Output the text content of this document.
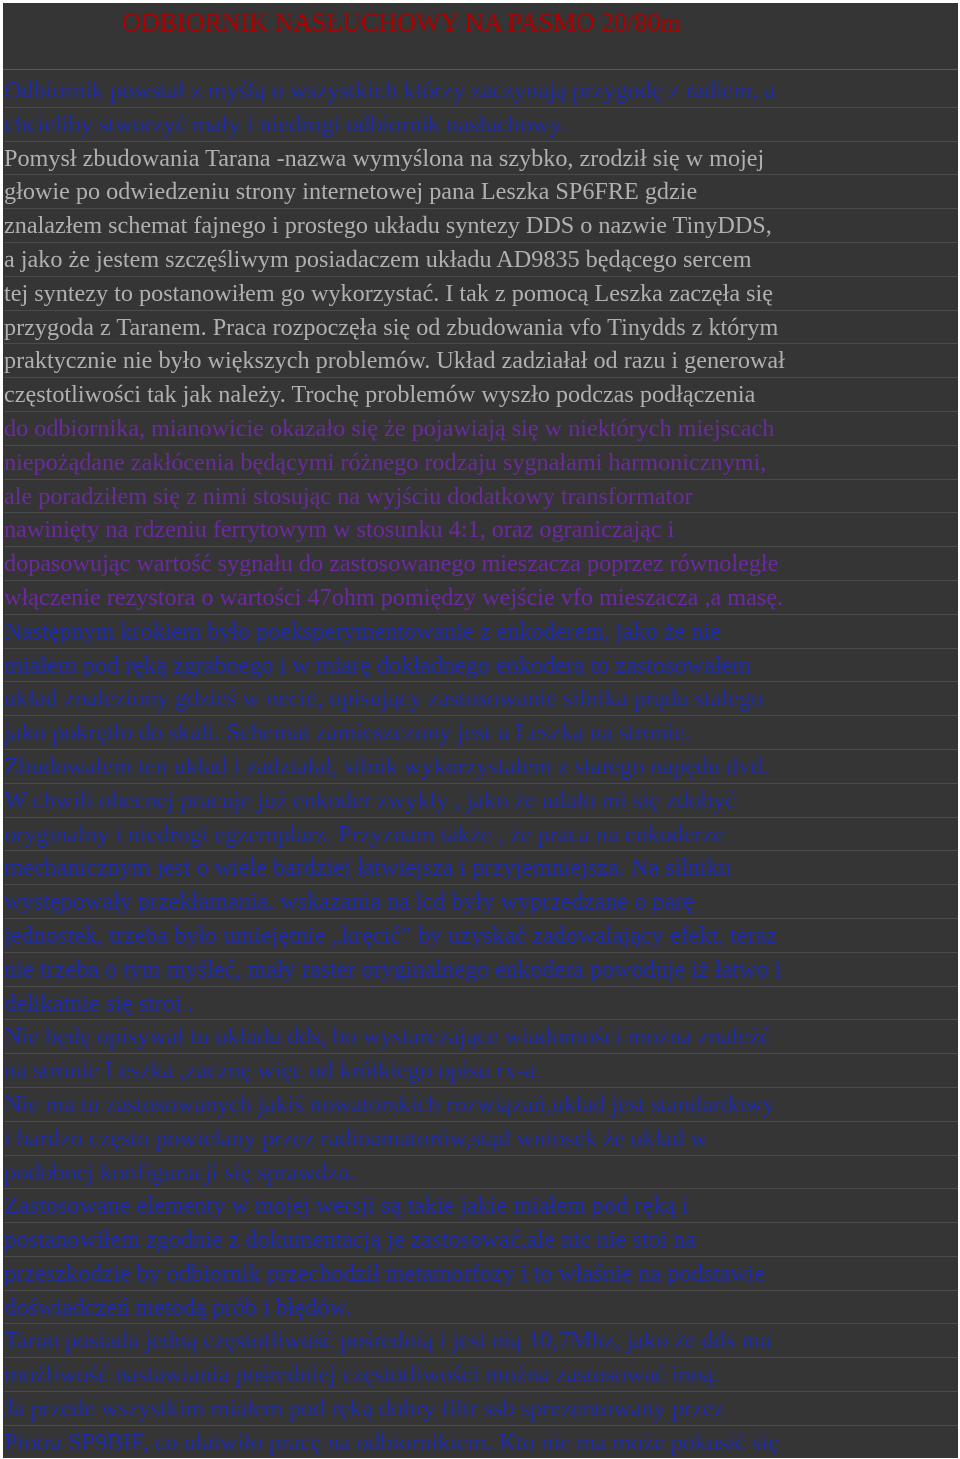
ODBIORNIK NASŁUCHOWY NA PASMO 20/80m
Odbiornik powstał z myślą o wszystkich którzy zaczynają przygodę z radiem, a
chcieliby stworzyć mały i niedrogi odbiornik nasłuchowy.
Pomysł zbudowania Tarana -nazwa wymyślona na szybko, zrodził się w mojej
głowie po odwiedzeniu strony internetowej pana Leszka SP6FRE gdzie
znalazłem schemat fajnego i prostego układu syntezy DDS o nazwie TinyDDS,
a jako że jestem szczęśliwym posiadaczem układu AD9835 będącego sercem
tej syntezy to postanowiłem go wykorzystać. I tak z pomocą Leszka zaczęła się
przygoda z Taranem. Praca rozpoczęła się od zbudowania vfo Tinydds z którym
praktycznie nie było większych problemów. Układ zadziałał od razu i generował
częstotliwości tak jak należy. Trochę problemów wyszło podczas podłączenia
do odbiornika, mianowicie okazało się że pojawiają się w niektórych miejscach
niepożądane zakłócenia będącymi różnego rodzaju sygnałami harmonicznymi,
ale poradziłem się z nimi stosując na wyjściu dodatkowy transformator
nawinięty na rdzeniu ferrytowym w stosunku 4:1, oraz ograniczając i
dopasowując wartość sygnału do zastosowanego mieszacza poprzez równoległe
włączenie rezystora o wartości 47ohm pomiędzy wejście vfo mieszacza ,a masę.
Następnym krokiem było poeksperymentowanie z enkoderem, jako że nie
miałem pod ręką zgrabnego i w miarę dokładnego enkodera to zastosowałem
układ znaleziony gdzieś w necie, opisujący zastosowanie silnika prądu stałego
jako pokrętło do skali. Schemat zamieszczony jest u Leszka na stronie.
Zbudowałem ten układ i zadziałał, silnik wykorzystałem z starego napędu dvd.
W chwili obecnej pracuje już enkoder zwykły , jako że udało mi się zdobyć
oryginalny i niedrogi egzemplarz. Przyznam także , że praca na enkoderze
mechanicznym jest o wiele bardziej łatwiejsza i przyjemniejsza. Na silniku
występowały przekłamania, wskazania na lcd były wyprzedzane o parę
jednostek, trzeba było umiejętnie „kręcić” by uzyskać zadowalający efekt, teraz
nie trzeba o tym myśleć, mały raster oryginalnego enkodera powoduje iż łatwo i
delikatnie się stroi .
Nie będę opisywał tu układu dds, bo wystarczające wiadomości można znaleźć
na stronie Leszka ,zacznę więc od krótkiego opisu rx-a.
Nie ma tu zastosowanych jakiś nowatorskich rozwiązań,układ jest standardowy
i bardzo często powielany przez radioamatorów,stąd wniosek że układ w
podobnej konfiguracji się sprawdza.
Zastosowane elementy w mojej wersji są takie jakie miałem pod ręką i
postanowiłem zgodnie z dokumentacją je zastosować,ale nic nie stoi na
przeszkodzie by odbiornik przechodził metamorfozy i to właśnie na podstawie
doświadczeń metodą prób i błędów.
Taran posiada jedną częstotliwość pośrednią i jest nią 10,7Mhz, jako że dds ma
możliwość nastawiania pośredniej częstotliwości można zastosować inną.
Ja przede wszystkim miałem pod ręką dobry filtr ssb sprezentowany przez
Piotra SP9BIF, co ułatwiło pracę na odbiornikiem. Kto nie ma może pokusić się
